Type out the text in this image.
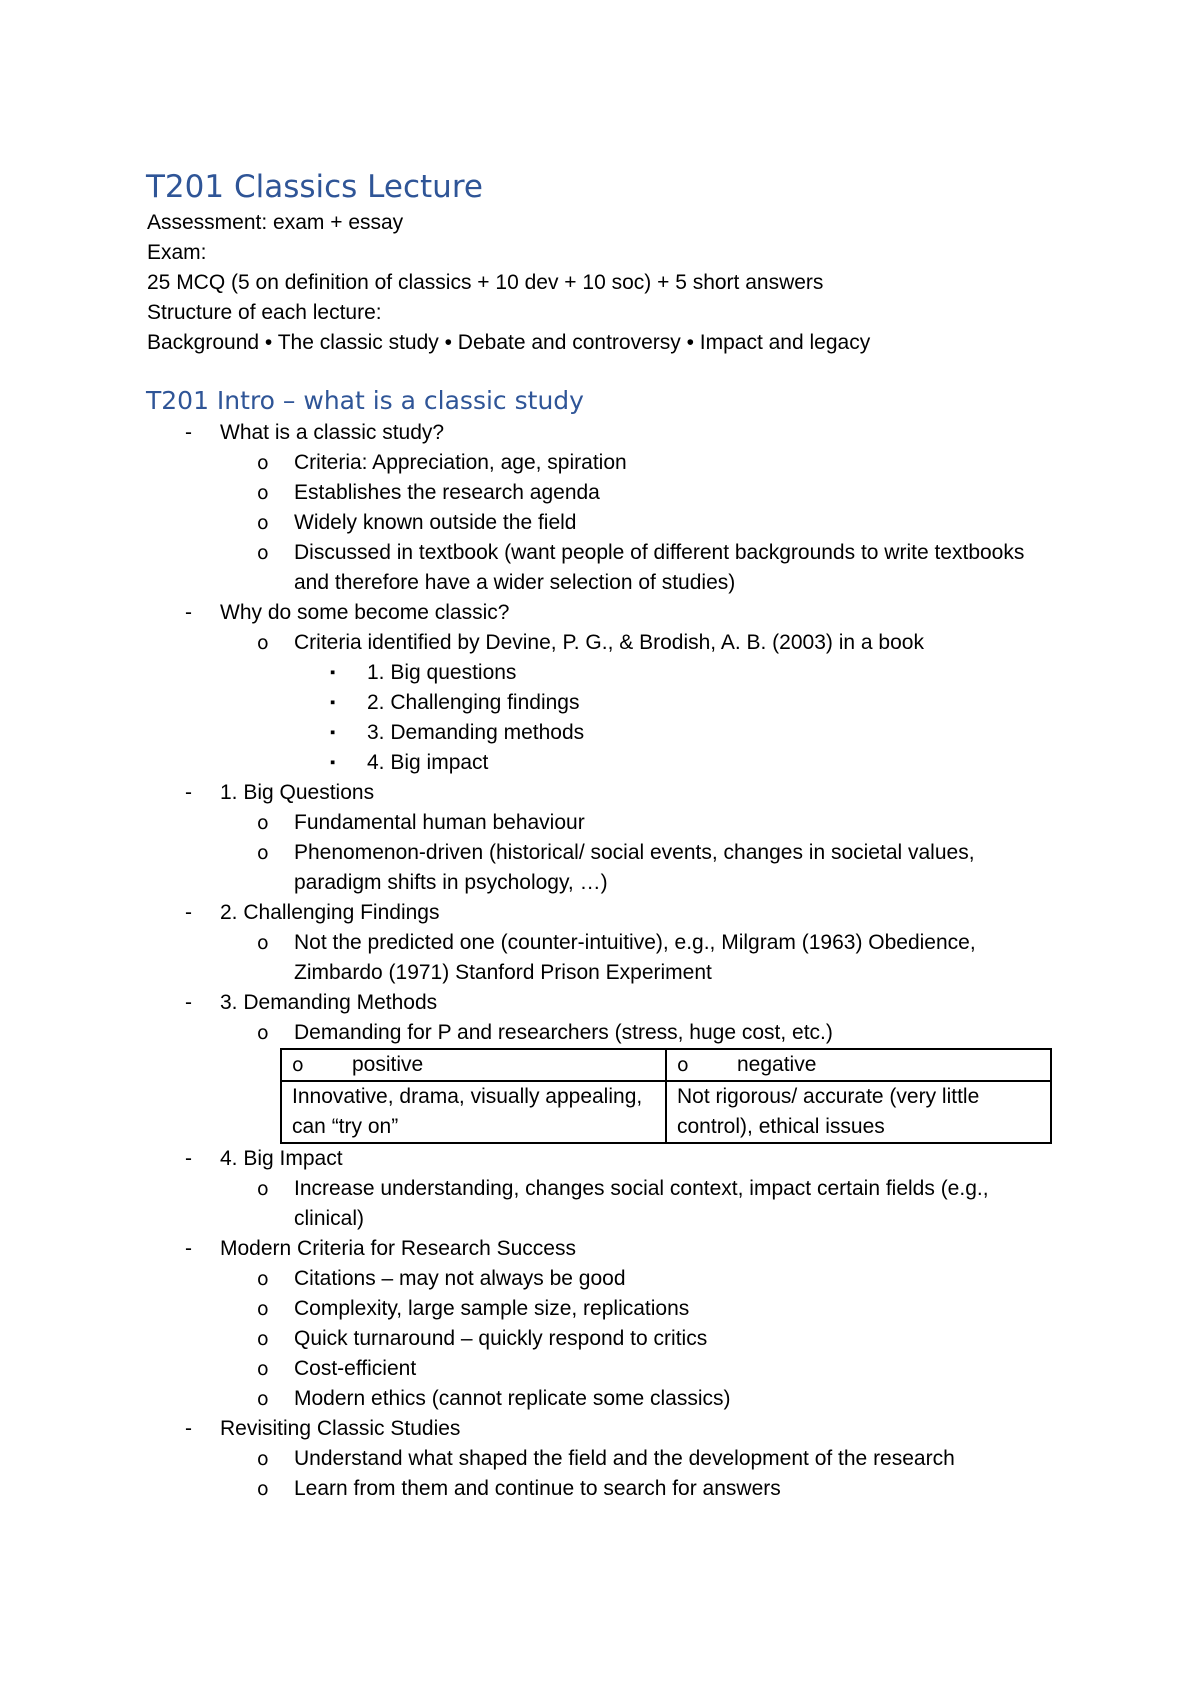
T201 Classics Lecture
Assessment: exam + essay
Exam:
25 MCQ (5 on definition of classics + 10 dev + 10 soc) + 5 short answers
Structure of each lecture:
Background • The classic study • Debate and controversy • Impact and legacy
T201 Intro – what is a classic study
- What is a classic study?
o Criteria: Appreciation, age, spiration
o Establishes the research agenda
o Widely known outside the field
o Discussed in textbook (want people of different backgrounds to write textbooks and therefore have a wider selection of studies)
- Why do some become classic?
o Criteria identified by Devine, P. G., & Brodish, A. B. (2003) in a book
▪ 1. Big questions
▪ 2. Challenging findings
▪ 3. Demanding methods
▪ 4. Big impact
- 1. Big Questions
o Fundamental human behaviour
o Phenomenon-driven (historical/ social events, changes in societal values, paradigm shifts in psychology, …)
- 2. Challenging Findings
o Not the predicted one (counter-intuitive), e.g., Milgram (1963) Obedience, Zimbardo (1971) Stanford Prison Experiment
- 3. Demanding Methods
o Demanding for P and researchers (stress, huge cost, etc.)
o positive	o negative
Innovative, drama, visually appealing, can “try on”	Not rigorous/ accurate (very little control), ethical issues
- 4. Big Impact
o Increase understanding, changes social context, impact certain fields (e.g., clinical)
- Modern Criteria for Research Success
o Citations – may not always be good
o Complexity, large sample size, replications
o Quick turnaround – quickly respond to critics
o Cost-efficient
o Modern ethics (cannot replicate some classics)
- Revisiting Classic Studies
o Understand what shaped the field and the development of the research
o Learn from them and continue to search for answers
